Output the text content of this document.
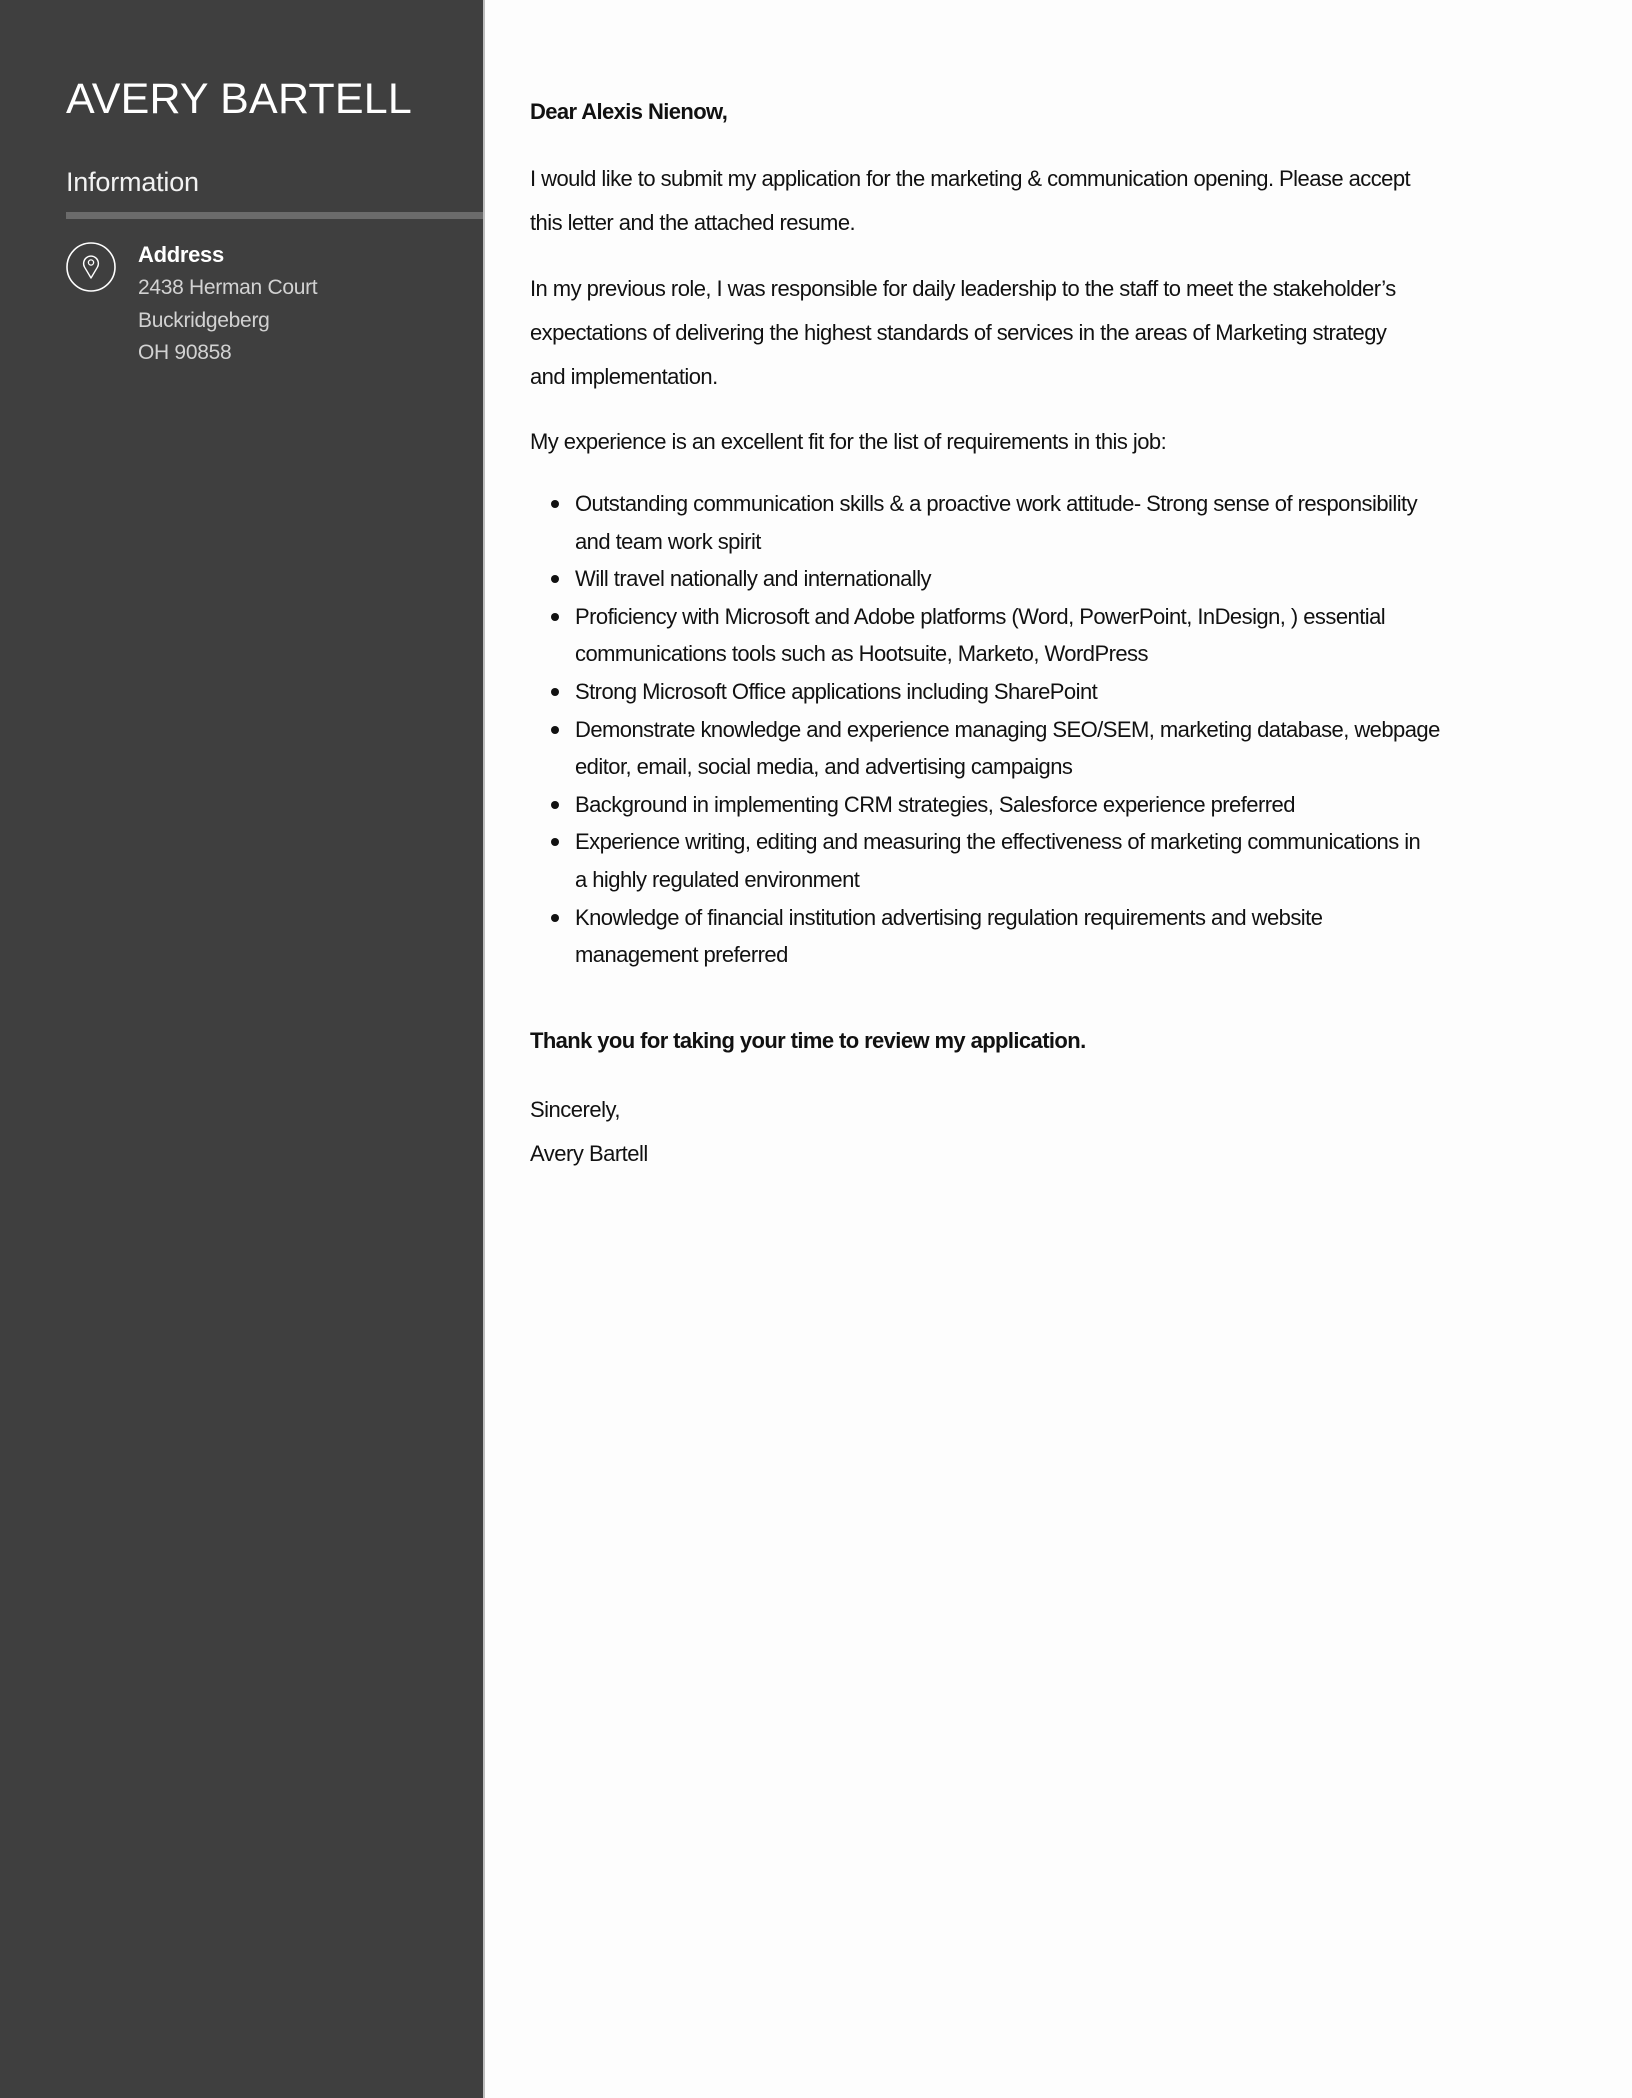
AVERY BARTELL
Information
Address
2438 Herman Court
Buckridgeberg
OH 90858

Dear Alexis Nienow,

I would like to submit my application for the marketing & communication opening. Please accept
this letter and the attached resume.

In my previous role, I was responsible for daily leadership to the staff to meet the stakeholder’s
expectations of delivering the highest standards of services in the areas of Marketing strategy
and implementation.

My experience is an excellent fit for the list of requirements in this job:

Outstanding communication skills & a proactive work attitude- Strong sense of responsibility
and team work spirit
Will travel nationally and internationally
Proficiency with Microsoft and Adobe platforms (Word, PowerPoint, InDesign, ) essential
communications tools such as Hootsuite, Marketo, WordPress
Strong Microsoft Office applications including SharePoint
Demonstrate knowledge and experience managing SEO/SEM, marketing database, webpage
editor, email, social media, and advertising campaigns
Background in implementing CRM strategies, Salesforce experience preferred
Experience writing, editing and measuring the effectiveness of marketing communications in
a highly regulated environment
Knowledge of financial institution advertising regulation requirements and website
management preferred

Thank you for taking your time to review my application.

Sincerely,
Avery Bartell
